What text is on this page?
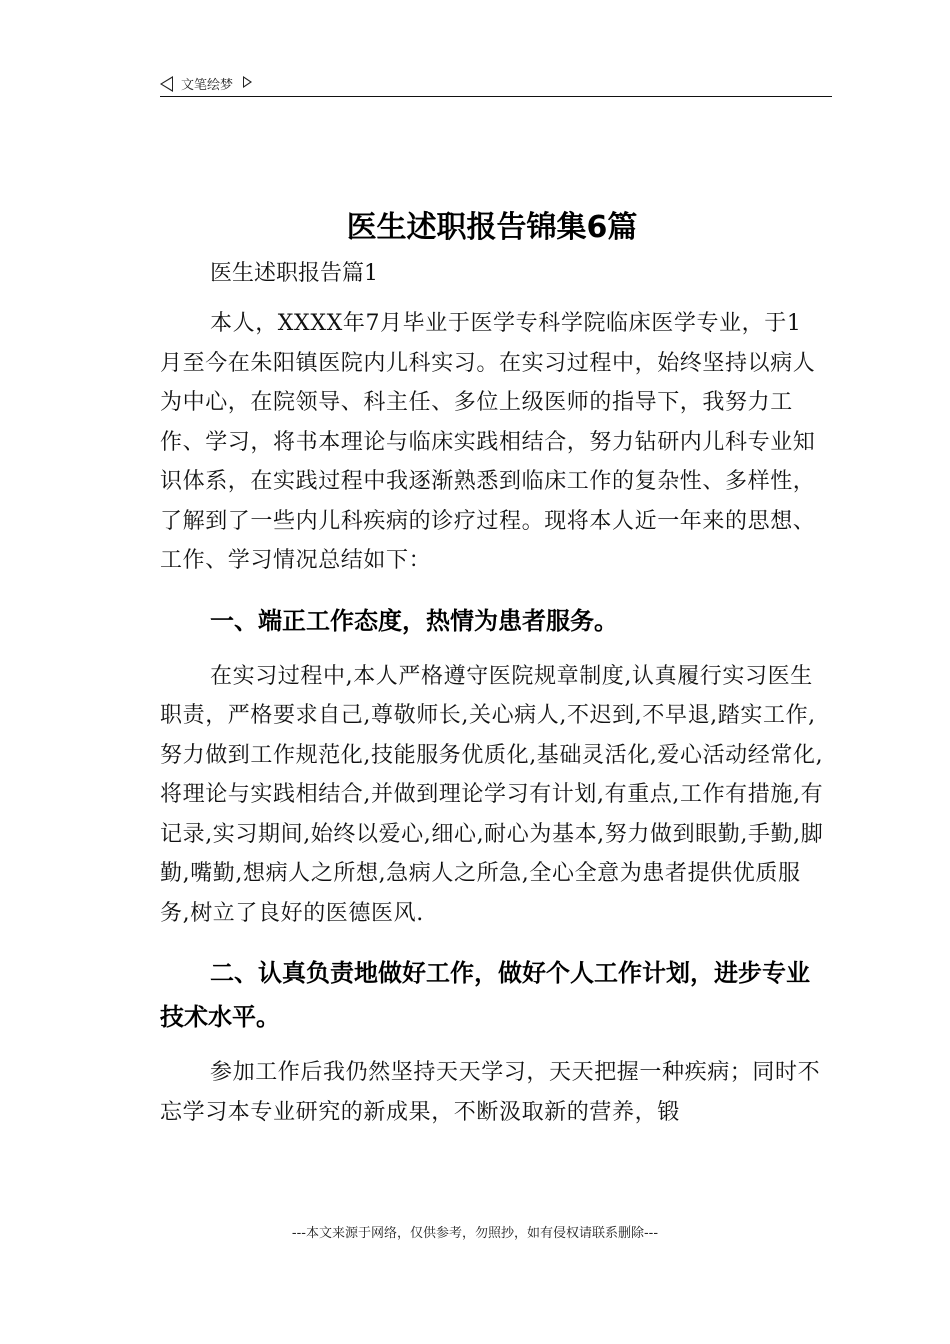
文笔绘梦
医生述职报告锦集6篇

医生述职报告篇1

本人，XXXX年7月毕业于医学专科学院临床医学专业，于1月至今在朱阳镇医院内儿科实习。在实习过程中，始终坚持以病人为中心，在院领导、科主任、多位上级医师的指导下，我努力工作、学习，将书本理论与临床实践相结合，努力钻研内儿科专业知识体系，在实践过程中我逐渐熟悉到临床工作的复杂性、多样性，了解到了一些内儿科疾病的诊疗过程。现将本人近一年来的思想、工作、学习情况总结如下：

一、端正工作态度，热情为患者服务。

在实习过程中,本人严格遵守医院规章制度,认真履行实习医生职责，严格要求自己,尊敬师长,关心病人,不迟到,不早退,踏实工作,努力做到工作规范化,技能服务优质化,基础灵活化,爱心活动经常化,将理论与实践相结合,并做到理论学习有计划,有重点,工作有措施,有记录,实习期间,始终以爱心,细心,耐心为基本,努力做到眼勤,手勤,脚勤,嘴勤,想病人之所想,急病人之所急,全心全意为患者提供优质服务,树立了良好的医德医风.

二、认真负责地做好工作，做好个人工作计划，进步专业技术水平。

参加工作后我仍然坚持天天学习，天天把握一种疾病；同时不忘学习本专业研究的新成果，不断汲取新的营养，锻

---本文来源于网络，仅供参考，勿照抄，如有侵权请联系删除---
